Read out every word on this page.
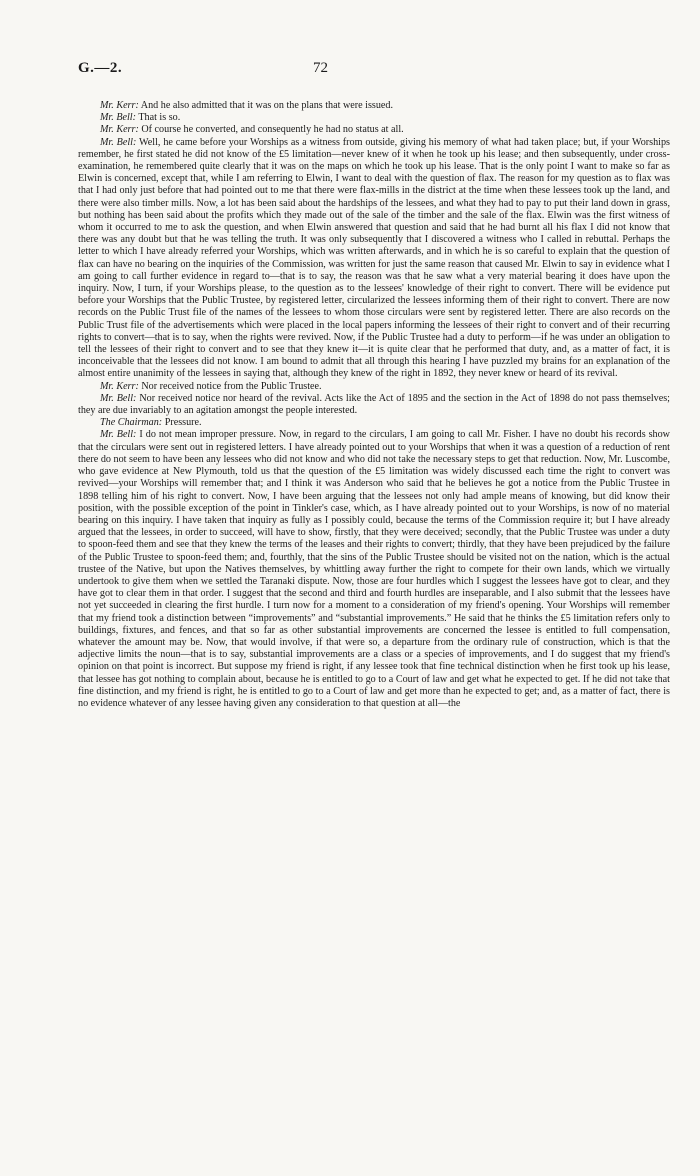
G.—2.	72

Mr. Kerr: And he also admitted that it was on the plans that were issued.

Mr. Bell: That is so.

Mr. Kerr: Of course he converted, and consequently he had no status at all.

Mr. Bell: Well, he came before your Worships as a witness from outside, giving his memory of what had taken place; but, if your Worships remember, he first stated he did not know of the £5 limitation—never knew of it when he took up his lease; and then subsequently, under cross-examination, he remembered quite clearly that it was on the maps on which he took up his lease. That is the only point I want to make so far as Elwin is concerned, except that, while I am referring to Elwin, I want to deal with the question of flax. The reason for my question as to flax was that I had only just before that had pointed out to me that there were flax-mills in the district at the time when these lessees took up the land, and there were also timber mills. Now, a lot has been said about the hardships of the lessees, and what they had to pay to put their land down in grass, but nothing has been said about the profits which they made out of the sale of the timber and the sale of the flax. Elwin was the first witness of whom it occurred to me to ask the question, and when Elwin answered that question and said that he had burnt all his flax I did not know that there was any doubt but that he was telling the truth. It was only subsequently that I discovered a witness who I called in rebuttal. Perhaps the letter to which I have already referred your Worships, which was written afterwards, and in which he is so careful to explain that the question of flax can have no bearing on the inquiries of the Commission, was written for just the same reason that caused Mr. Elwin to say in evidence what I am going to call further evidence in regard to—that is to say, the reason was that he saw what a very material bearing it does have upon the inquiry. Now, I turn, if your Worships please, to the question as to the lessees' knowledge of their right to convert. There will be evidence put before your Worships that the Public Trustee, by registered letter, circularized the lessees informing them of their right to convert. There are now records on the Public Trust file of the names of the lessees to whom those circulars were sent by registered letter. There are also records on the Public Trust file of the advertisements which were placed in the local papers informing the lessees of their right to convert and of their recurring rights to convert—that is to say, when the rights were revived. Now, if the Public Trustee had a duty to perform—if he was under an obligation to tell the lessees of their right to convert and to see that they knew it—it is quite clear that he performed that duty, and, as a matter of fact, it is inconceivable that the lessees did not know. I am bound to admit that all through this hearing I have puzzled my brains for an explanation of the almost entire unanimity of the lessees in saying that, although they knew of the right in 1892, they never knew or heard of its revival.

Mr. Kerr: Nor received notice from the Public Trustee.

Mr. Bell: Nor received notice nor heard of the revival. Acts like the Act of 1895 and the section in the Act of 1898 do not pass themselves; they are due invariably to an agitation amongst the people interested.

The Chairman: Pressure.

Mr. Bell: I do not mean improper pressure. Now, in regard to the circulars, I am going to call Mr. Fisher. I have no doubt his records show that the circulars were sent out in registered letters. I have already pointed out to your Worships that when it was a question of a reduction of rent there do not seem to have been any lessees who did not know and who did not take the necessary steps to get that reduction. Now, Mr. Luscombe, who gave evidence at New Plymouth, told us that the question of the £5 limitation was widely discussed each time the right to convert was revived—your Worships will remember that; and I think it was Anderson who said that he believes he got a notice from the Public Trustee in 1898 telling him of his right to convert. Now, I have been arguing that the lessees not only had ample means of knowing, but did know their position, with the possible exception of the point in Tinkler's case, which, as I have already pointed out to your Worships, is now of no material bearing on this inquiry. I have taken that inquiry as fully as I possibly could, because the terms of the Commission require it; but I have already argued that the lessees, in order to succeed, will have to show, firstly, that they were deceived; secondly, that the Public Trustee was under a duty to spoon-feed them and see that they knew the terms of the leases and their rights to convert; thirdly, that they have been prejudiced by the failure of the Public Trustee to spoon-feed them; and, fourthly, that the sins of the Public Trustee should be visited not on the nation, which is the actual trustee of the Native, but upon the Natives themselves, by whittling away further the right to compete for their own lands, which we virtually undertook to give them when we settled the Taranaki dispute. Now, those are four hurdles which I suggest the lessees have got to clear, and they have got to clear them in that order. I suggest that the second and third and fourth hurdles are inseparable, and I also submit that the lessees have not yet succeeded in clearing the first hurdle. I turn now for a moment to a consideration of my friend's opening. Your Worships will remember that my friend took a distinction between “improvements” and “substantial improvements.” He said that he thinks the £5 limitation refers only to buildings, fixtures, and fences, and that so far as other substantial improvements are concerned the lessee is entitled to full compensation, whatever the amount may be. Now, that would involve, if that were so, a departure from the ordinary rule of construction, which is that the adjective limits the noun—that is to say, substantial improvements are a class or a species of improvements, and I do suggest that my friend's opinion on that point is incorrect. But suppose my friend is right, if any lessee took that fine technical distinction when he first took up his lease, that lessee has got nothing to complain about, because he is entitled to go to a Court of law and get what he expected to get. If he did not take that fine distinction, and my friend is right, he is entitled to go to a Court of law and get more than he expected to get; and, as a matter of fact, there is no evidence whatever of any lessee having given any consideration to that question at all—the
